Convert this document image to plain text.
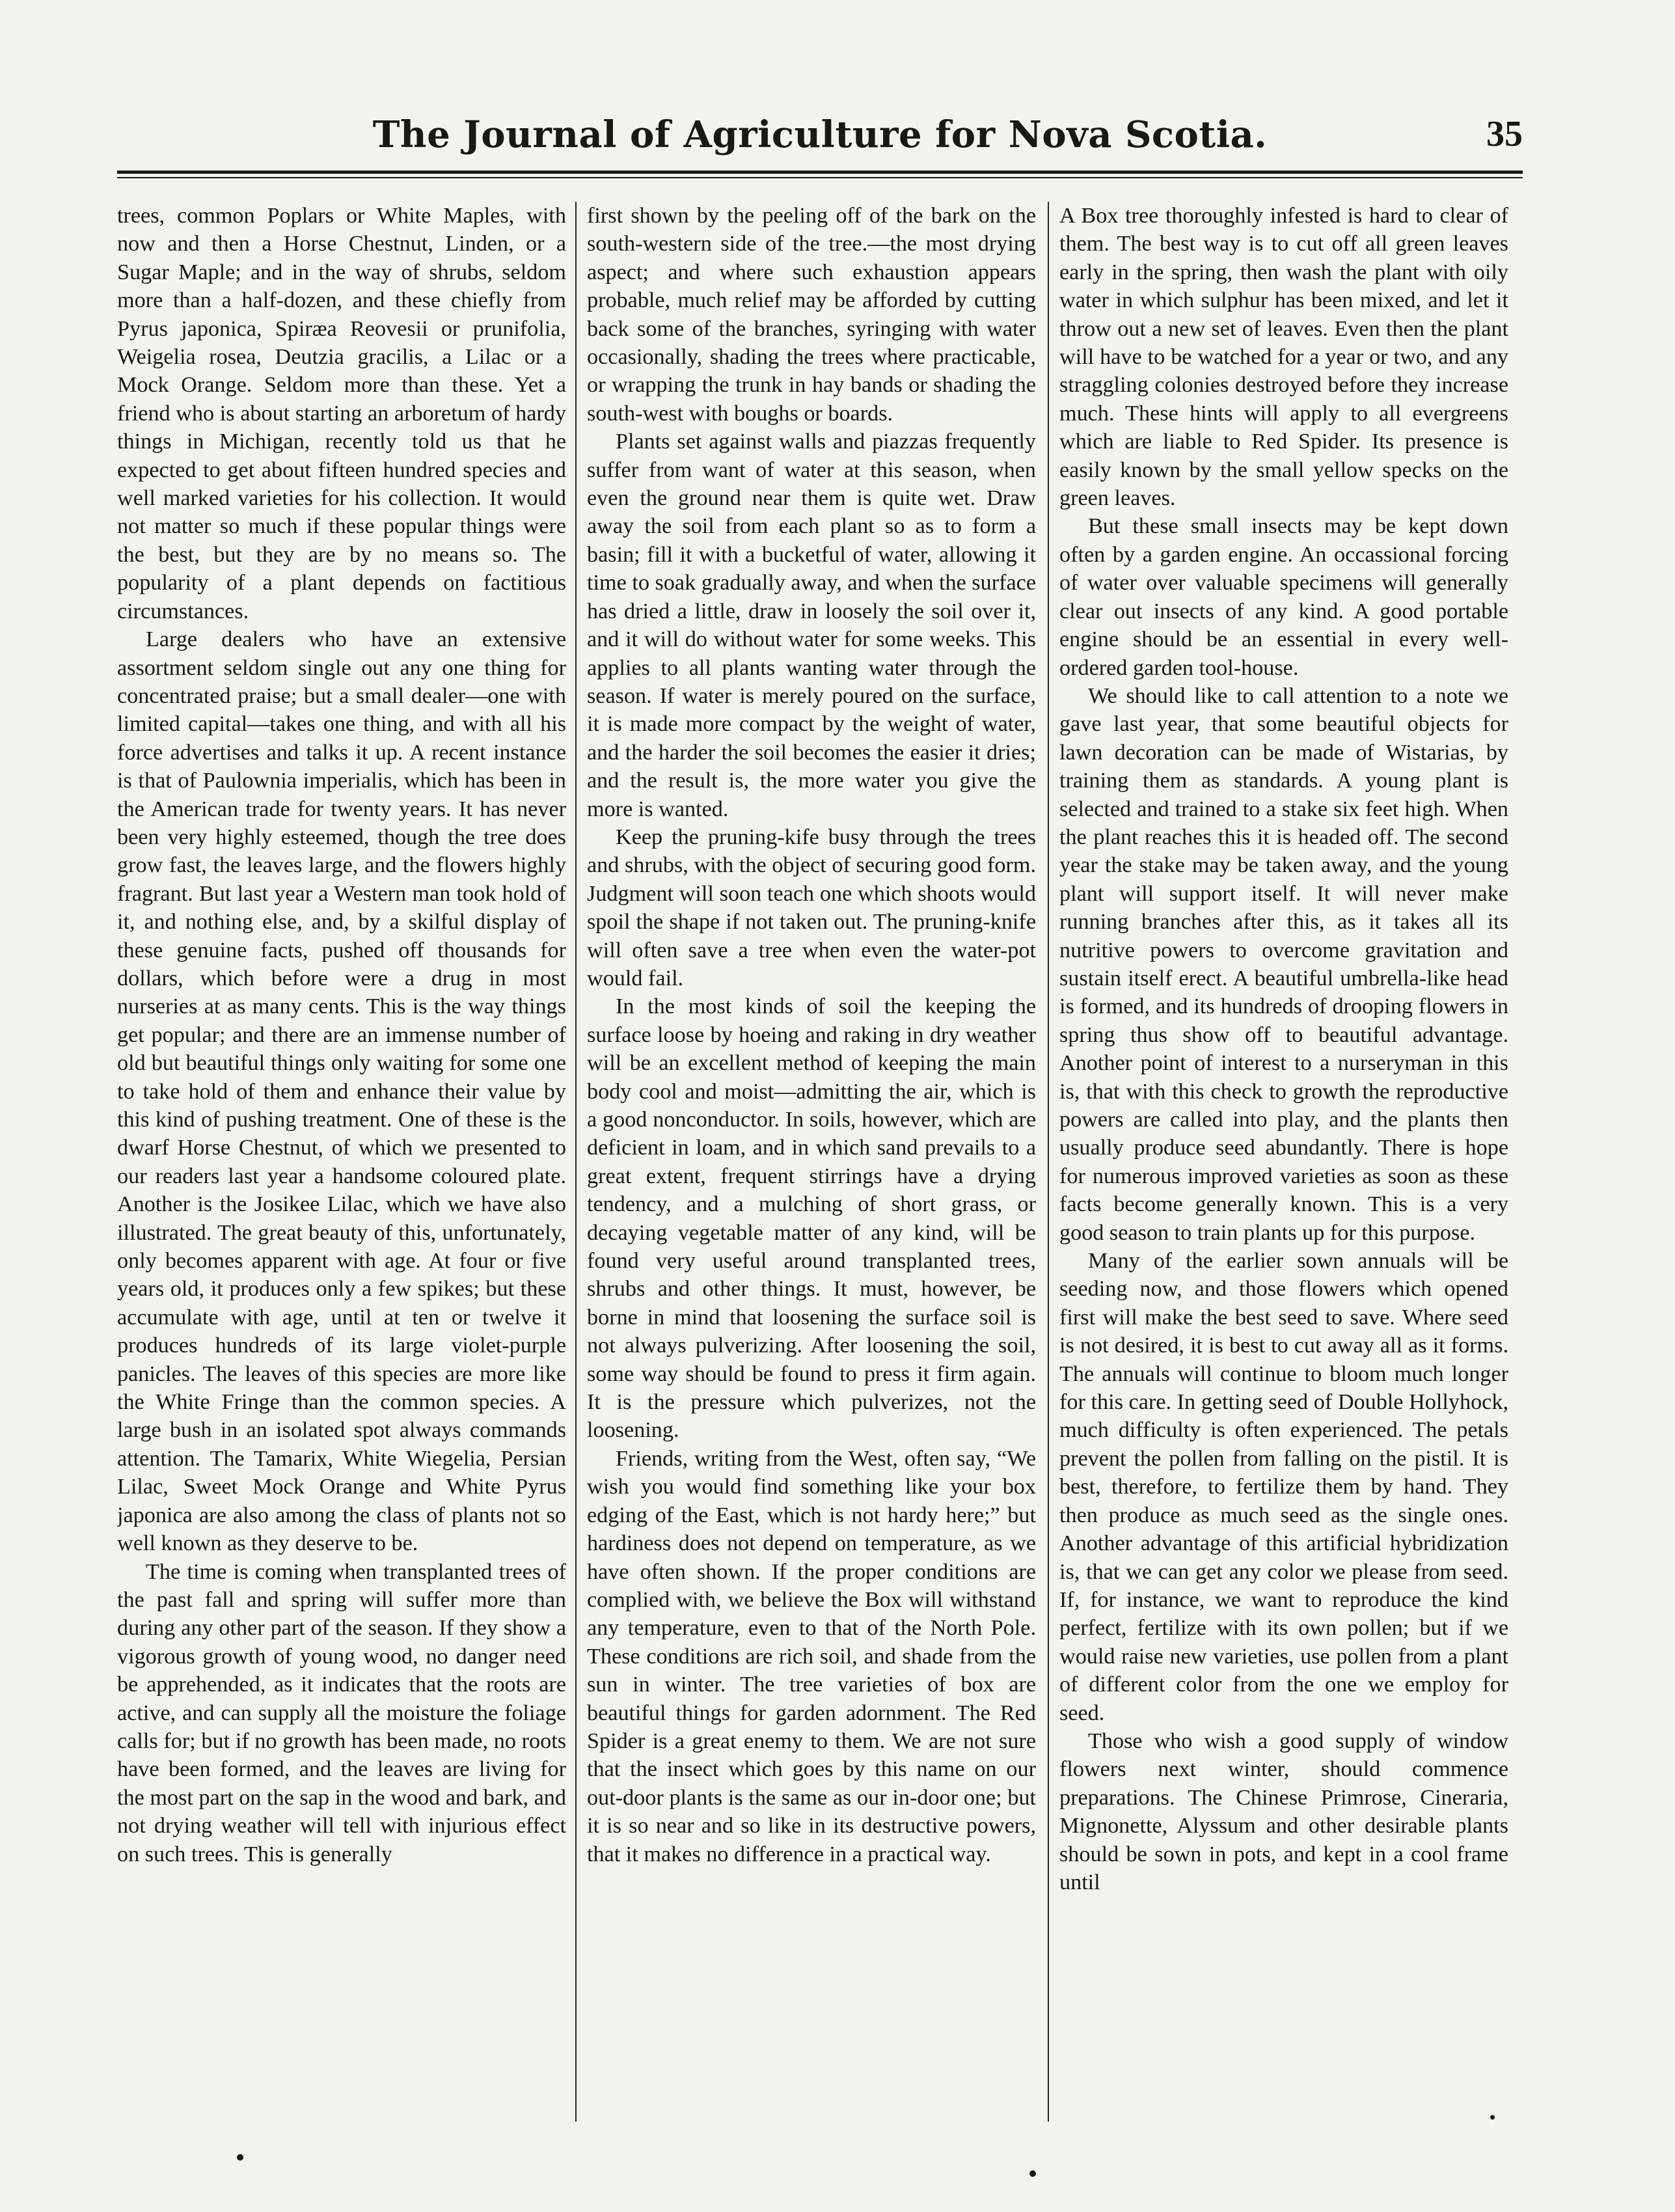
The Journal of Agriculture for Nova Scotia.	35

trees, common Poplars or White Maples, with now and then a Horse Chestnut, Linden, or a Sugar Maple; and in the way of shrubs, seldom more than a half-dozen, and these chiefly from Pyrus japonica, Spiræa Reovesii or prunifolia, Weigelia rosea, Deutzia gracilis, a Lilac or a Mock Orange. Seldom more than these. Yet a friend who is about starting an arboretum of hardy things in Michigan, recently told us that he expected to get about fifteen hundred species and well marked varieties for his collection. It would not matter so much if these popular things were the best, but they are by no means so. The popularity of a plant depends on factitious circumstances.

Large dealers who have an extensive assortment seldom single out any one thing for concentrated praise; but a small dealer—one with limited capital—takes one thing, and with all his force advertises and talks it up. A recent instance is that of Paulownia imperialis, which has been in the American trade for twenty years. It has never been very highly esteemed, though the tree does grow fast, the leaves large, and the flowers highly fragrant. But last year a Western man took hold of it, and nothing else, and, by a skilful display of these genuine facts, pushed off thousands for dollars, which before were a drug in most nurseries at as many cents. This is the way things get popular; and there are an immense number of old but beautiful things only waiting for some one to take hold of them and enhance their value by this kind of pushing treatment. One of these is the dwarf Horse Chestnut, of which we presented to our readers last year a handsome coloured plate. Another is the Josikee Lilac, which we have also illustrated. The great beauty of this, unfortunately, only becomes apparent with age. At four or five years old, it produces only a few spikes; but these accumulate with age, until at ten or twelve it produces hundreds of its large violet-purple panicles. The leaves of this species are more like the White Fringe than the common species. A large bush in an isolated spot always commands attention. The Tamarix, White Wiegelia, Persian Lilac, Sweet Mock Orange and White Pyrus japonica are also among the class of plants not so well known as they deserve to be.

The time is coming when transplanted trees of the past fall and spring will suffer more than during any other part of the season. If they show a vigorous growth of young wood, no danger need be apprehended, as it indicates that the roots are active, and can supply all the moisture the foliage calls for; but if no growth has been made, no roots have been formed, and the leaves are living for the most part on the sap in the wood and bark, and not drying weather will tell with injurious effect on such trees. This is generally

first shown by the peeling off of the bark on the south-western side of the tree.—the most drying aspect; and where such exhaustion appears probable, much relief may be afforded by cutting back some of the branches, syringing with water occasionally, shading the trees where practicable, or wrapping the trunk in hay bands or shading the south-west with boughs or boards.

Plants set against walls and piazzas frequently suffer from want of water at this season, when even the ground near them is quite wet. Draw away the soil from each plant so as to form a basin; fill it with a bucketful of water, allowing it time to soak gradually away, and when the surface has dried a little, draw in loosely the soil over it, and it will do without water for some weeks. This applies to all plants wanting water through the season. If water is merely poured on the surface, it is made more compact by the weight of water, and the harder the soil becomes the easier it dries; and the result is, the more water you give the more is wanted.

Keep the pruning-kife busy through the trees and shrubs, with the object of securing good form. Judgment will soon teach one which shoots would spoil the shape if not taken out. The pruning-knife will often save a tree when even the water-pot would fail.

In the most kinds of soil the keeping the surface loose by hoeing and raking in dry weather will be an excellent method of keeping the main body cool and moist—admitting the air, which is a good nonconductor. In soils, however, which are deficient in loam, and in which sand prevails to a great extent, frequent stirrings have a drying tendency, and a mulching of short grass, or decaying vegetable matter of any kind, will be found very useful around transplanted trees, shrubs and other things. It must, however, be borne in mind that loosening the surface soil is not always pulverizing. After loosening the soil, some way should be found to press it firm again. It is the pressure which pulverizes, not the loosening.

Friends, writing from the West, often say, “We wish you would find something like your box edging of the East, which is not hardy here;” but hardiness does not depend on temperature, as we have often shown. If the proper conditions are complied with, we believe the Box will withstand any temperature, even to that of the North Pole. These conditions are rich soil, and shade from the sun in winter. The tree varieties of box are beautiful things for garden adornment. The Red Spider is a great enemy to them. We are not sure that the insect which goes by this name on our out-door plants is the same as our in-door one; but it is so near and so like in its destructive powers, that it makes no difference in a practical way.

A Box tree thoroughly infested is hard to clear of them. The best way is to cut off all green leaves early in the spring, then wash the plant with oily water in which sulphur has been mixed, and let it throw out a new set of leaves. Even then the plant will have to be watched for a year or two, and any straggling colonies destroyed before they increase much. These hints will apply to all evergreens which are liable to Red Spider. Its presence is easily known by the small yellow specks on the green leaves.

But these small insects may be kept down often by a garden engine. An occassional forcing of water over valuable specimens will generally clear out insects of any kind. A good portable engine should be an essential in every well-ordered garden tool-house.

We should like to call attention to a note we gave last year, that some beautiful objects for lawn decoration can be made of Wistarias, by training them as standards. A young plant is selected and trained to a stake six feet high. When the plant reaches this it is headed off. The second year the stake may be taken away, and the young plant will support itself. It will never make running branches after this, as it takes all its nutritive powers to overcome gravitation and sustain itself erect. A beautiful umbrella-like head is formed, and its hundreds of drooping flowers in spring thus show off to beautiful advantage. Another point of interest to a nurseryman in this is, that with this check to growth the reproductive powers are called into play, and the plants then usually produce seed abundantly. There is hope for numerous improved varieties as soon as these facts become generally known. This is a very good season to train plants up for this purpose.

Many of the earlier sown annuals will be seeding now, and those flowers which opened first will make the best seed to save. Where seed is not desired, it is best to cut away all as it forms. The annuals will continue to bloom much longer for this care. In getting seed of Double Hollyhock, much difficulty is often experienced. The petals prevent the pollen from falling on the pistil. It is best, therefore, to fertilize them by hand. They then produce as much seed as the single ones. Another advantage of this artificial hybridization is, that we can get any color we please from seed. If, for instance, we want to reproduce the kind perfect, fertilize with its own pollen; but if we would raise new varieties, use pollen from a plant of different color from the one we employ for seed.

Those who wish a good supply of window flowers next winter, should commence preparations. The Chinese Primrose, Cineraria, Mignonette, Alyssum and other desirable plants should be sown in pots, and kept in a cool frame until
